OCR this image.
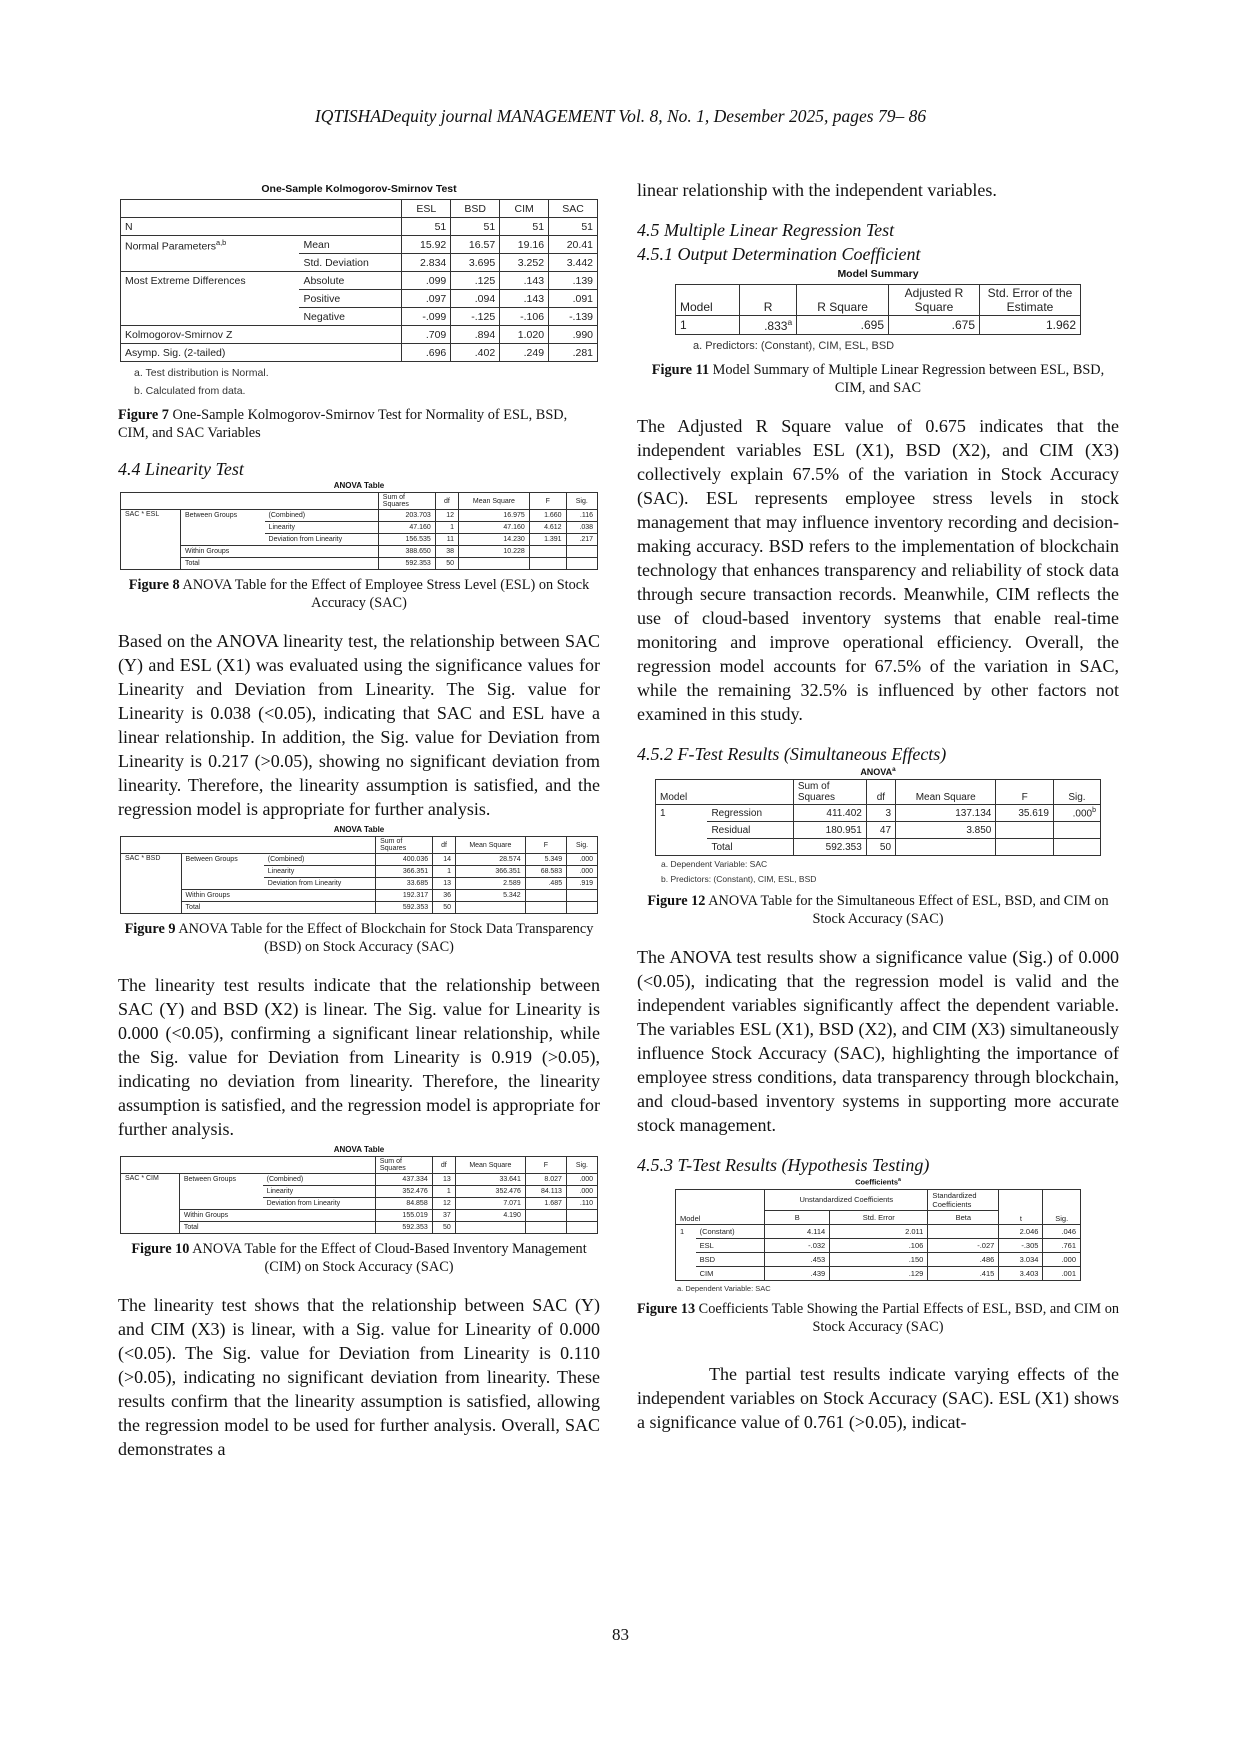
IQTISHADequity journal MANAGEMENT Vol. 8, No. 1, Desember 2025, pages 79– 86
One-Sample Kolmogorov-Smirnov Test
		ESL	BSD	CIM	SAC
N		51	51	51	51
Normal Parameters$^{a,b}$	Mean	15.92	16.57	19.16	20.41
	Std. Deviation	2.834	3.695	3.252	3.442
Most Extreme Differences	Absolute	.099	.125	.143	.139
	Positive	.097	.094	.143	.091
	Negative	-.099	-.125	-.106	-.139
Kolmogorov-Smirnov Z		.709	.894	1.020	.990
Asymp. Sig. (2-tailed)		.696	.402	.249	.281
a. Test distribution is Normal.
b. Calculated from data.

Figure 7 One-Sample Kolmogorov-Smirnov Test for Normality of ESL, BSD, CIM, and SAC Variables

4.4 Linearity Test

ANOVA Table
			Sum of Squares	df	Mean Square	F	Sig.
SAC * ESL	Between Groups	(Combined)	203.703	12	16.975	1.660	.116
		Linearity	47.160	1	47.160	4.612	.038
		Deviation from Linearity	156.535	11	14.230	1.391	.217
	Within Groups		388.650	38	10.228		
	Total		592.353	50			

Figure 8 ANOVA Table for the Effect of Employee Stress Level (ESL) on Stock Accuracy (SAC)

Based on the ANOVA linearity test, the relationship between SAC (Y) and ESL (X1) was evaluated using the significance values for Linearity and Deviation from Linearity. The Sig. value for Linearity is 0.038 (<0.05), indicating that SAC and ESL have a linear relationship. In addition, the Sig. value for Deviation from Linearity is 0.217 (>0.05), showing no significant deviation from linearity. Therefore, the linearity assumption is satisfied, and the regression model is appropriate for further analysis.

ANOVA Table
			Sum of Squares	df	Mean Square	F	Sig.
SAC * BSD	Between Groups	(Combined)	400.036	14	28.574	5.349	.000
		Linearity	366.351	1	366.351	68.583	.000
		Deviation from Linearity	33.685	13	2.589	.485	.919
	Within Groups		192.317	36	5.342		
	Total		592.353	50			

Figure 9 ANOVA Table for the Effect of Blockchain for Stock Data Transparency (BSD) on Stock Accuracy (SAC)

The linearity test results indicate that the relationship between SAC (Y) and BSD (X2) is linear. The Sig. value for Linearity is 0.000 (<0.05), confirming a significant linear relationship, while the Sig. value for Deviation from Linearity is 0.919 (>0.05), indicating no deviation from linearity. Therefore, the linearity assumption is satisfied, and the regression model is appropriate for further analysis.

ANOVA Table
			Sum of Squares	df	Mean Square	F	Sig.
SAC * CIM	Between Groups	(Combined)	437.334	13	33.641	8.027	.000
		Linearity	352.476	1	352.476	84.113	.000
		Deviation from Linearity	84.858	12	7.071	1.687	.110
	Within Groups		155.019	37	4.190		
	Total		592.353	50			

Figure 10 ANOVA Table for the Effect of Cloud-Based Inventory Management (CIM) on Stock Accuracy (SAC)

The linearity test shows that the relationship between SAC (Y) and CIM (X3) is linear, with a Sig. value for Linearity of 0.000 (<0.05). The Sig. value for Deviation from Linearity is 0.110 (>0.05), indicating no significant deviation from linearity. These results confirm that the linearity assumption is satisfied, allowing the regression model to be used for further analysis. Overall, SAC demonstrates a

linear relationship with the independent variables.

4.5 Multiple Linear Regression Test

4.5.1 Output Determination Coefficient

Model Summary
Model	R	R Square	Adjusted R Square	Std. Error of the Estimate
1	.833$^a$	.695	.675	1.962
a. Predictors: (Constant), CIM, ESL, BSD

Figure 11 Model Summary of Multiple Linear Regression between ESL, BSD, CIM, and SAC

The Adjusted R Square value of 0.675 indicates that the independent variables ESL (X1), BSD (X2), and CIM (X3) collectively explain 67.5% of the variation in Stock Accuracy (SAC). ESL represents employee stress levels in stock management that may influence inventory recording and decision-making accuracy. BSD refers to the implementation of blockchain technology that enhances transparency and reliability of stock data through secure transaction records. Meanwhile, CIM reflects the use of cloud-based inventory systems that enable real-time monitoring and improve operational efficiency. Overall, the regression model accounts for 67.5% of the variation in SAC, while the remaining 32.5% is influenced by other factors not examined in this study.

4.5.2 F-Test Results (Simultaneous Effects)

ANOVA$^a$
Model		Sum of Squares	df	Mean Square	F	Sig.
1	Regression	411.402	3	137.134	35.619	.000$^b$
	Residual	180.951	47	3.850		
	Total	592.353	50			
a. Dependent Variable: SAC
b. Predictors: (Constant), CIM, ESL, BSD

Figure 12 ANOVA Table for the Simultaneous Effect of ESL, BSD, and CIM on Stock Accuracy (SAC)

The ANOVA test results show a significance value (Sig.) of 0.000 (<0.05), indicating that the regression model is valid and the independent variables significantly affect the dependent variable. The variables ESL (X1), BSD (X2), and CIM (X3) simultaneously influence Stock Accuracy (SAC), highlighting the importance of employee stress conditions, data transparency through blockchain, and cloud-based inventory systems in supporting more accurate stock management.

4.5.3 T-Test Results (Hypothesis Testing)

Coefficients$^a$
Model		Unstandardized Coefficients		Standardized Coefficients	t	Sig.
		B	Std. Error	Beta		
1	(Constant)	4.114	2.011		2.046	.046
	ESL	-.032	.106	-.027	-.305	.761
	BSD	.453	.150	.486	3.034	.000
	CIM	.439	.129	.415	3.403	.001
a. Dependent Variable: SAC

Figure 13 Coefficients Table Showing the Partial Effects of ESL, BSD, and CIM on Stock Accuracy (SAC)

The partial test results indicate varying effects of the independent variables on Stock Accuracy (SAC). ESL (X1) shows a significance value of 0.761 (>0.05), indicat-

83
